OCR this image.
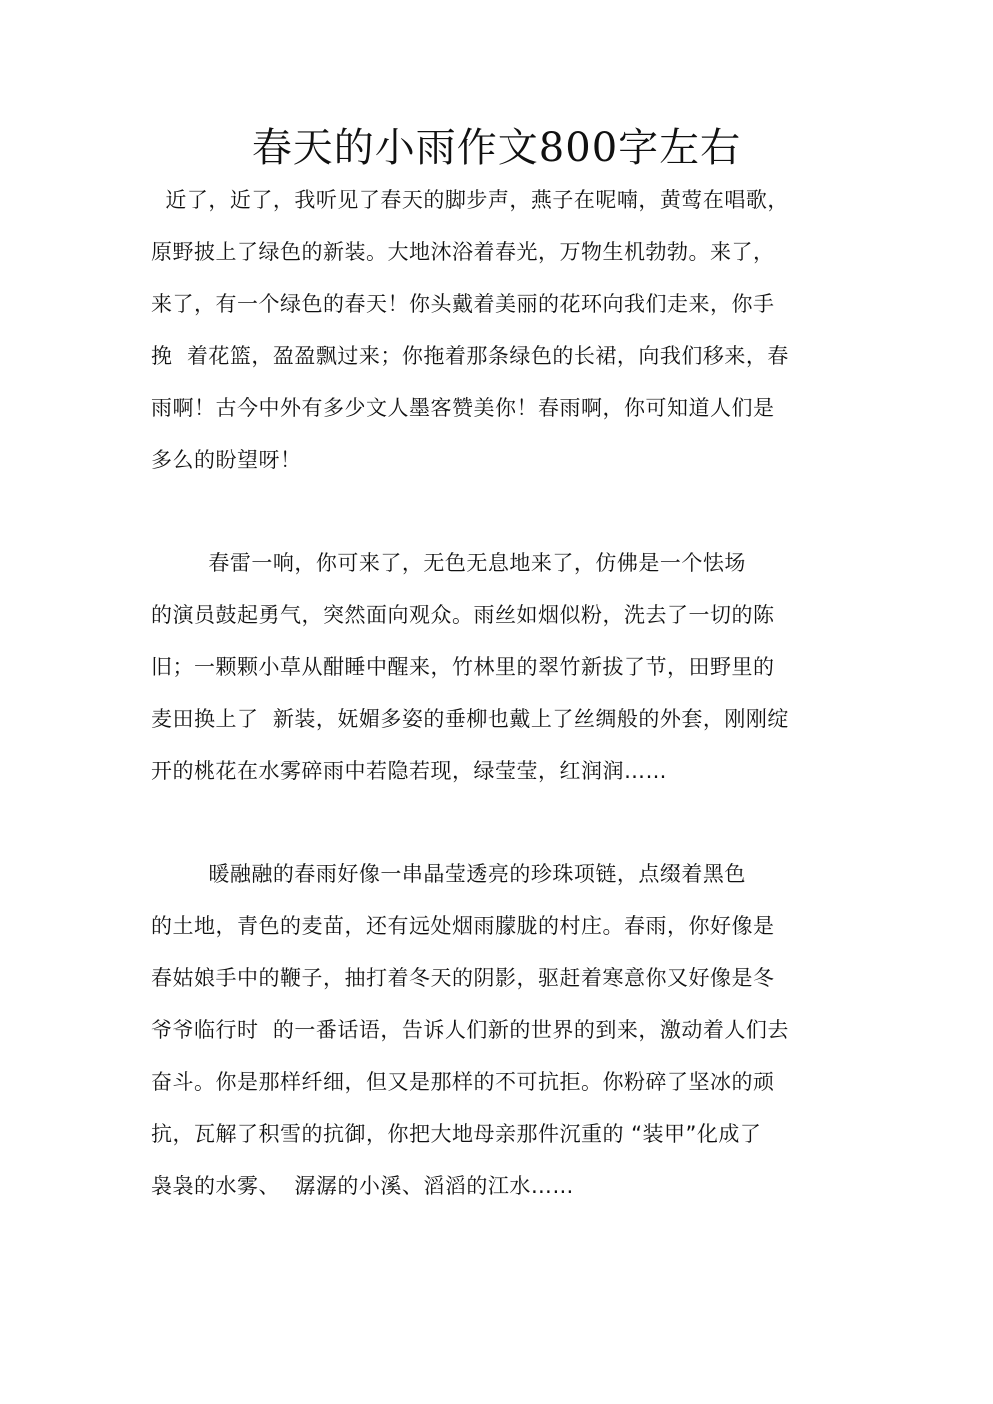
春天的小雨作文800字左右

近了，近了，我听见了春天的脚步声，燕子在呢喃，黄莺在唱歌，

原野披上了绿色的新装。大地沐浴着春光，万物生机勃勃。来了，

来了，有一个绿色的春天！你头戴着美丽的花环向我们走来，你手

挽  着花篮，盈盈飘过来；你拖着那条绿色的长裙，向我们移来，春

雨啊！古今中外有多少文人墨客赞美你！春雨啊，你可知道人们是

多么的盼望呀！

春雷一响，你可来了，无色无息地来了，仿佛是一个怯场

的演员鼓起勇气，突然面向观众。雨丝如烟似粉，洗去了一切的陈

旧；一颗颗小草从酣睡中醒来，竹林里的翠竹新拔了节，田野里的

麦田换上了  新装，妩媚多姿的垂柳也戴上了丝绸般的外套，刚刚绽

开的桃花在水雾碎雨中若隐若现，绿莹莹，红润润……

暖融融的春雨好像一串晶莹透亮的珍珠项链，点缀着黑色

的土地，青色的麦苗，还有远处烟雨朦胧的村庄。春雨，你好像是

春姑娘手中的鞭子，抽打着冬天的阴影，驱赶着寒意你又好像是冬

爷爷临行时  的一番话语，告诉人们新的世界的到来，激动着人们去

奋斗。你是那样纤细，但又是那样的不可抗拒。你粉碎了坚冰的顽

抗，瓦解了积雪的抗御，你把大地母亲那件沉重的 “装甲”化成了

袅袅的水雾、  潺潺的小溪、滔滔的江水……
